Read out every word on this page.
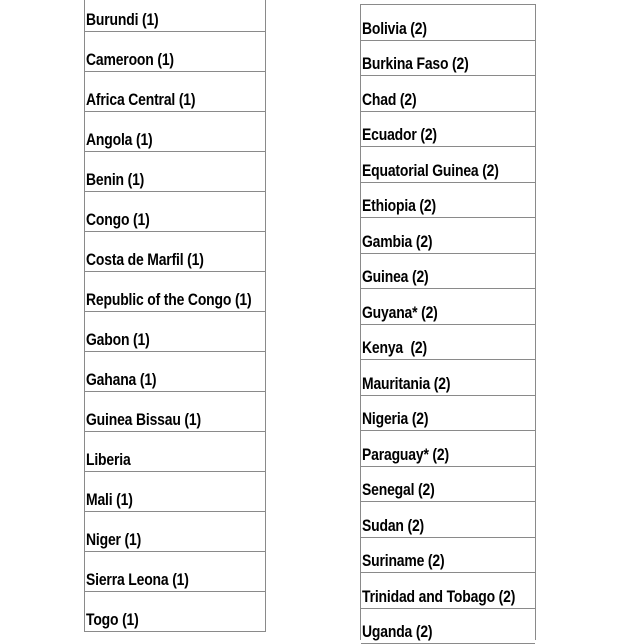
Burundi (1)
Cameroon (1)
Africa Central (1)
Angola (1)
Benin (1)
Congo (1)
Costa de Marfil (1)
Republic of the Congo (1)
Gabon (1)
Gahana (1)
Guinea Bissau (1)
Liberia
Mali (1)
Niger (1)
Sierra Leona (1)
Togo (1)
Bolivia (2)
Burkina Faso (2)
Chad (2)
Ecuador (2)
Equatorial Guinea (2)
Ethiopia (2)
Gambia (2)
Guinea (2)
Guyana* (2)
Kenya  (2)
Mauritania (2)
Nigeria (2)
Paraguay* (2)
Senegal (2)
Sudan (2)
Suriname (2)
Trinidad and Tobago (2)
Uganda (2)
